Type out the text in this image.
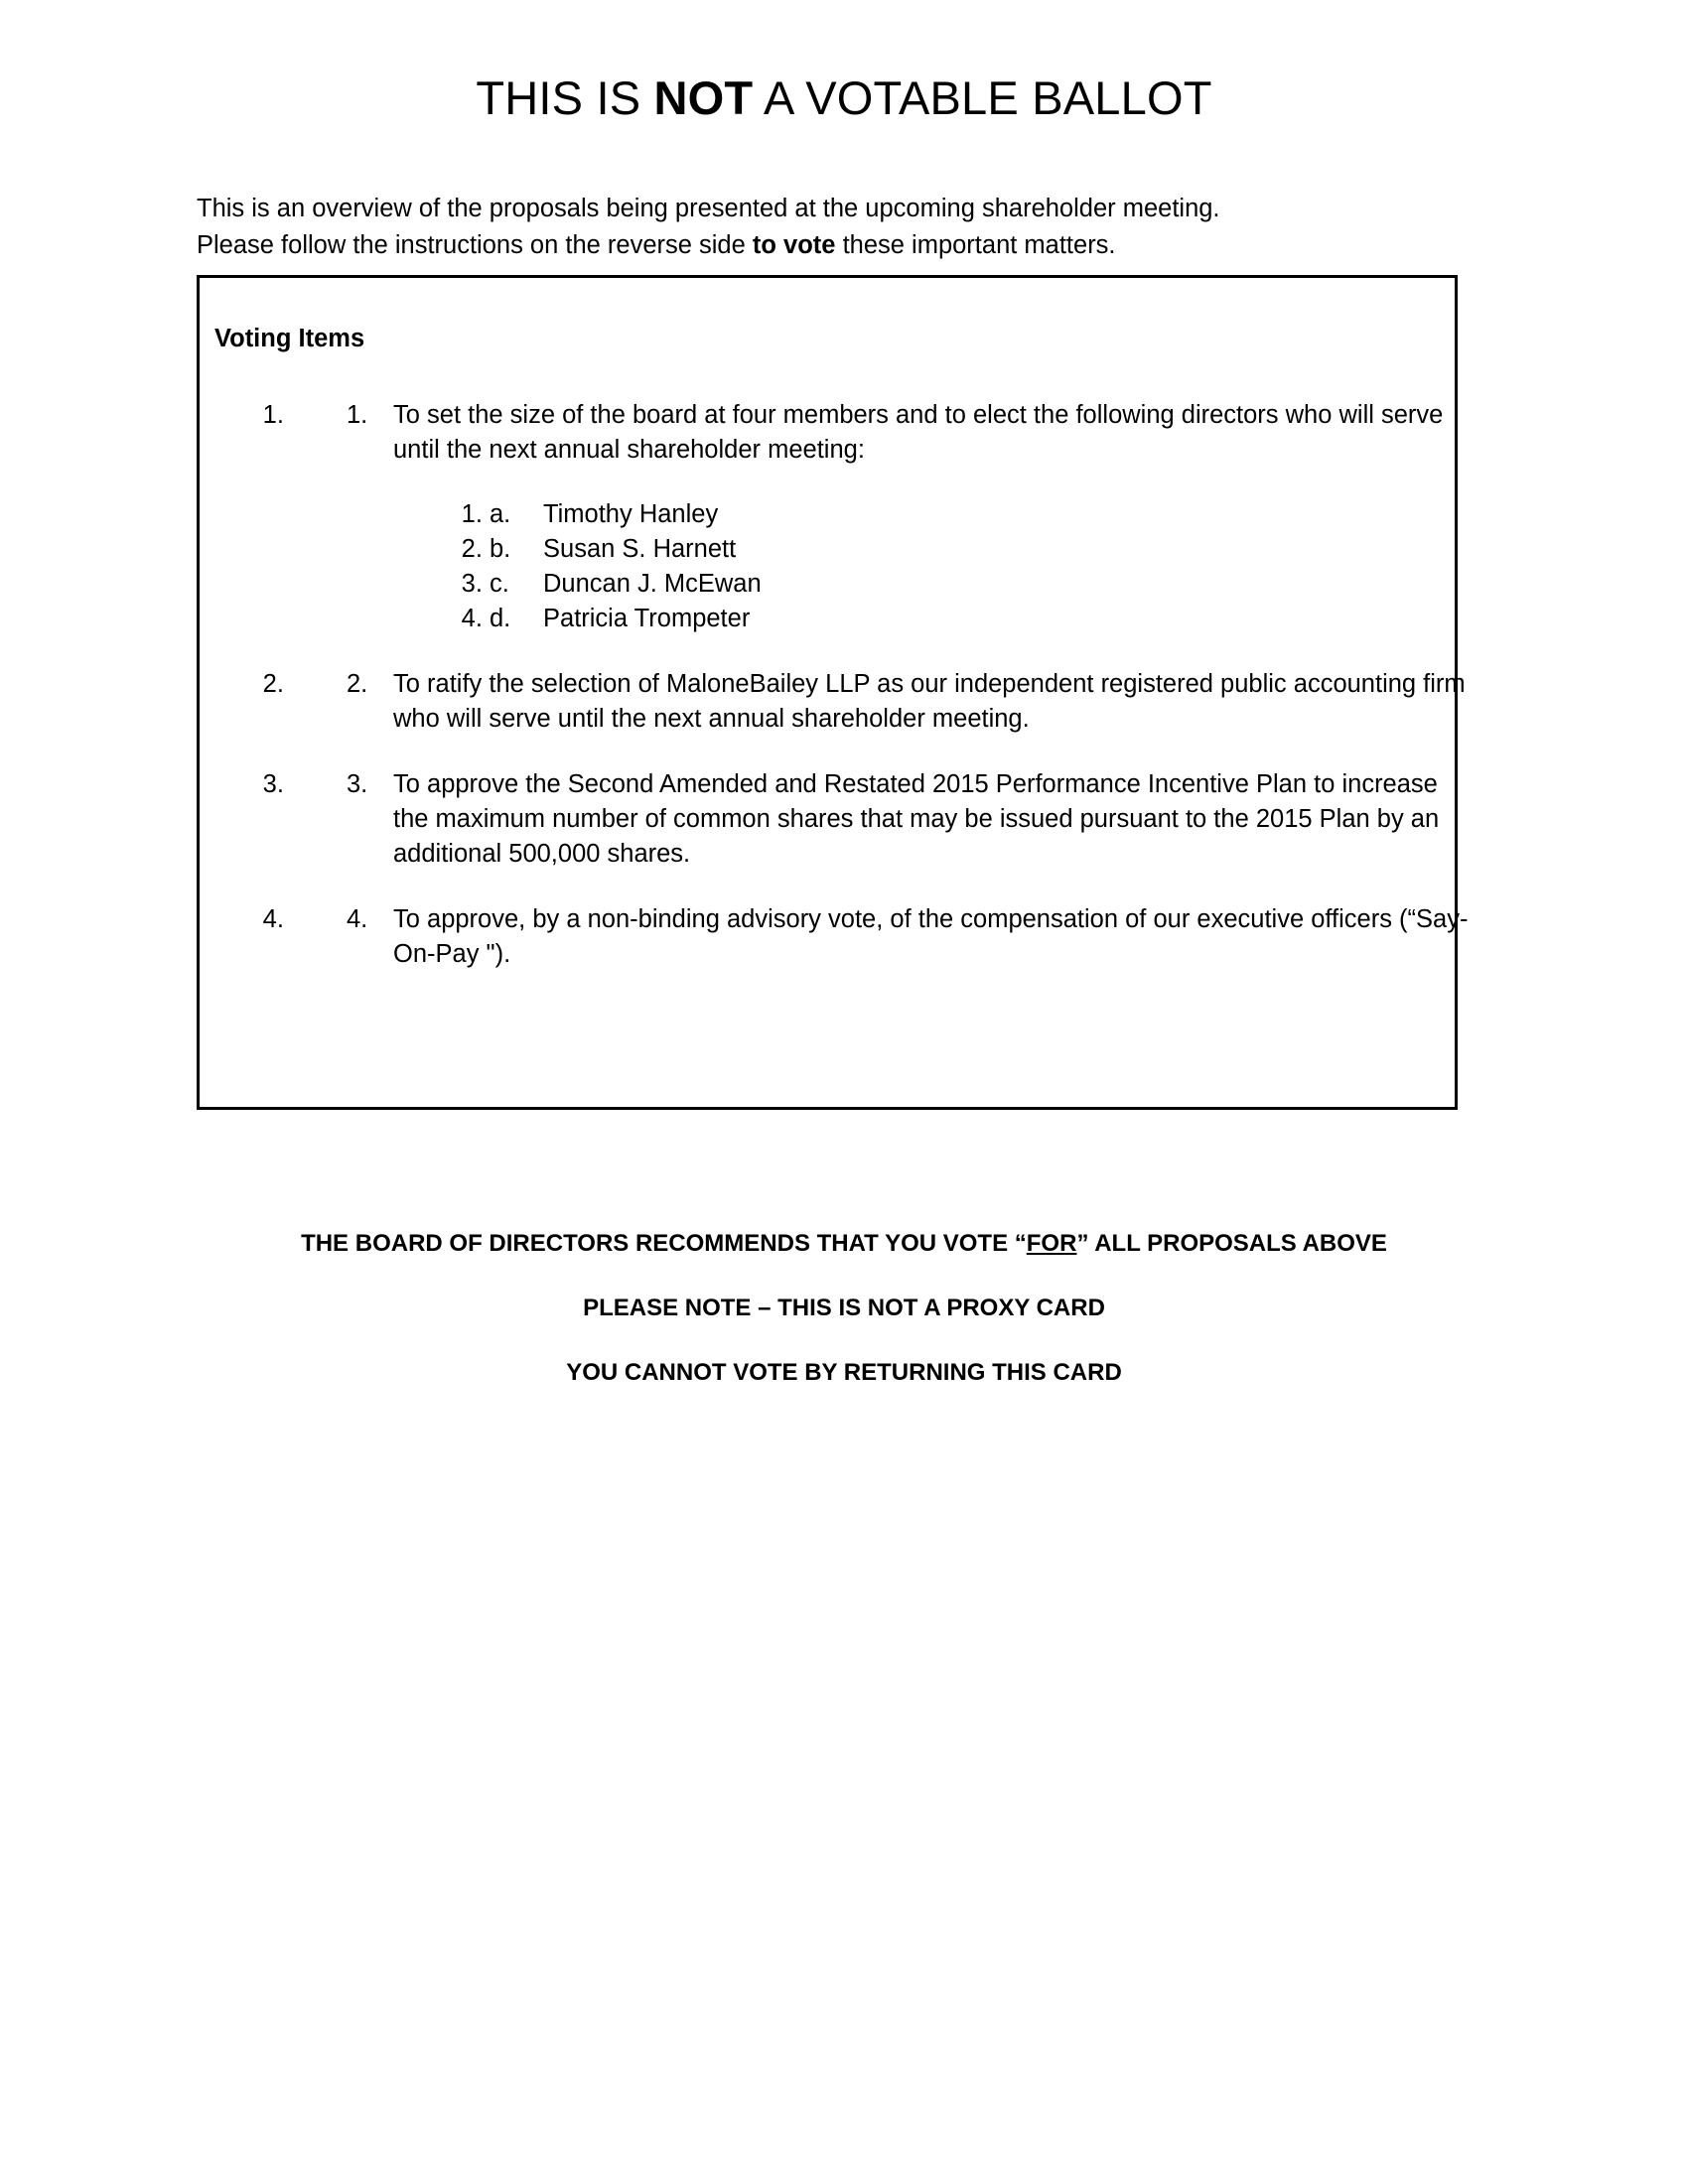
THIS IS NOT A VOTABLE BALLOT

This is an overview of the proposals being presented at the upcoming shareholder meeting.
Please follow the instructions on the reverse side to vote these important matters.

Voting Items
1. 1.	To set the size of the board at four members and to elect the following directors who will serve until the next annual shareholder meeting:
1. a.	Timothy Hanley
2. b.	Susan S. Harnett
3. c.	Duncan J. McEwan
4. d.	Patricia Trompeter
2. 2.	To ratify the selection of MaloneBailey LLP as our independent registered public accounting firm who will serve until the next annual shareholder meeting.
3. 3.	To approve the Second Amended and Restated 2015 Performance Incentive Plan to increase the maximum number of common shares that may be issued pursuant to the 2015 Plan by an additional 500,000 shares.
4. 4.	To approve, by a non-binding advisory vote, of the compensation of our executive officers (“Say-On-Pay ").
THE BOARD OF DIRECTORS RECOMMENDS THAT YOU VOTE “FOR” ALL PROPOSALS ABOVE
PLEASE NOTE – THIS IS NOT A PROXY CARD
YOU CANNOT VOTE BY RETURNING THIS CARD
